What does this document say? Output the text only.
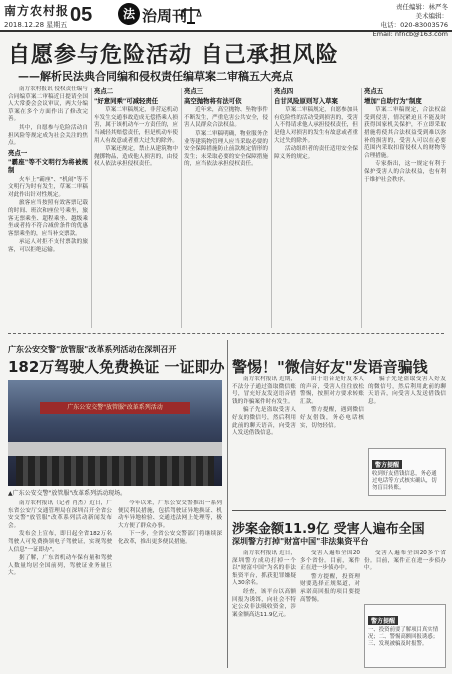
南方农村报
2018.12.28 星期五 05	法 治周刊	责任编辑：林严冬
美术编辑：
电话：020-83003576
Email: nfncb@163.com
自愿参与危险活动 自己承担风险
——解析民法典合同编和侵权责任编草案二审稿五大亮点

南方农村报讯 侵权责任编与合同编草案二审稿近日提请全国人大常委会会议审议，两大分编草案在多个方面作出了修改完善。

其中，自愿参与危险活动自担风险等规定成为社会关注的焦点。

亮点一

"霸座"等不文明行为将被规制

火车上"霸座"、"机闹"等不文明行为时有发生，草案二审稿对此作出针对性规定。

旅客应当按照有效客票记载的时间、班次和座位号乘坐，旅客无票乘坐、超程乘坐、越级乘坐或者持不符合减价条件的优惠客票乘坐的，应当补交票款。

承运人对拒不支付票款的旅客，可以拒绝运输。

亮点二

"好意同乘"可减轻责任

草案二审稿规定，非营运机动车发生交通事故造成无偿搭乘人损害，属于该机动车一方责任的，应当减轻其赔偿责任，但是机动车使用人有故意或者重大过失的除外。

草案还规定，禁止从建筑物中抛掷物品，造成他人损害的，由侵权人依法承担侵权责任。

亮点三

高空抛物将有法可依

近年来，高空抛物、坠物事件不断发生，严重危害公共安全，侵害人民群众合法权益。

草案二审稿明确，物业服务企业等建筑物管理人应当采取必要的安全保障措施防止前款规定情形的发生；未采取必要的安全保障措施的，应当依法承担侵权责任。

亮点四

自甘风险原则写入草案

草案二审稿规定，自愿参加具有危险性的活动受到损害的，受害人不得请求他人承担侵权责任，但是他人对损害的发生有故意或者重大过失的除外。

活动组织者的责任适用安全保障义务的规定。

亮点五

增加"自助行为"制度

草案二审稿规定，合法权益受到侵害，情况紧迫且不能及时获得国家机关保护，不立即采取措施将使其合法权益受到难以弥补的损害的，受害人可以在必要范围内采取扣留侵权人的财物等合理措施。

专家指出，这一规定有利于保护受害人的合法权益，也有利于维护社会秩序。

广东公安交警"放管服"改革系列活动在深圳召开
182万驾驶人免费换证 一证即办
广东公安交警"放管服"改革系列活动
▲广东公安交警"放管服"改革系列活动现场。

南方农村报讯（记者 肖杰）近日，广东省公安厅交通管理局在深圳召开全省公安交警"放管服"改革系列活动新闻发布会。

发布会上宣布，即日起全省182万名驾驶人可免费换领电子驾驶证，实现驾驶人信息"一证即办"。

据了解，广东省机动车保有量和驾驶人数量均居全国前列，驾驶证业务量巨大。

今年以来，广东公安交警推出一系列便民利民措施，包括驾驶证异地换证、机动车异地检验、交通违法网上处理等，极大方便了群众办事。

下一步，全省公安交警部门将继续深化改革，推出更多便民措施。

警惕！"微信好友"发语音骗钱

南方农村报讯 近期，不法分子通过盗取微信账号，冒充好友发送语音借钱的诈骗案件时有发生。

骗子先是盗取受害人好友的微信号，然后利用此前的聊天语音，向受害人发送借钱信息。

由于语音是好友本人的声音，受害人往往放松警惕，按照对方要求转账汇款。

警方提醒，遇到微信好友借钱，务必电话核实，切勿轻信。

骗子先是盗取受害人好友的微信号，然后利用此前的聊天语音，向受害人发送借钱信息。

警方提醒
收到好友借钱信息，务必通过电话等方式核实确认，切勿盲目转账。
涉案金额11.9亿 受害人遍布全国
深圳警方打掉"财富中国"非法集资平台

南方农村报讯 近日，深圳警方成功打掉一个以"财富中国"为名的非法集资平台，抓获犯罪嫌疑人30余名。

经查，该平台以高额回报为诱饵，向社会不特定公众非法吸收资金，涉案金额高达11.9亿元。

受害人遍布全国20多个省份。目前，案件正在进一步侦办中。

警方提醒，投资理财要选择正规渠道，对承诺高回报的项目要提高警惕。

受害人遍布全国20多个省份。目前，案件正在进一步侦办中。

警方提醒
一、投资前要了解项目真实情况；二、警惕高额回报诱惑；三、发现被骗及时报警。
